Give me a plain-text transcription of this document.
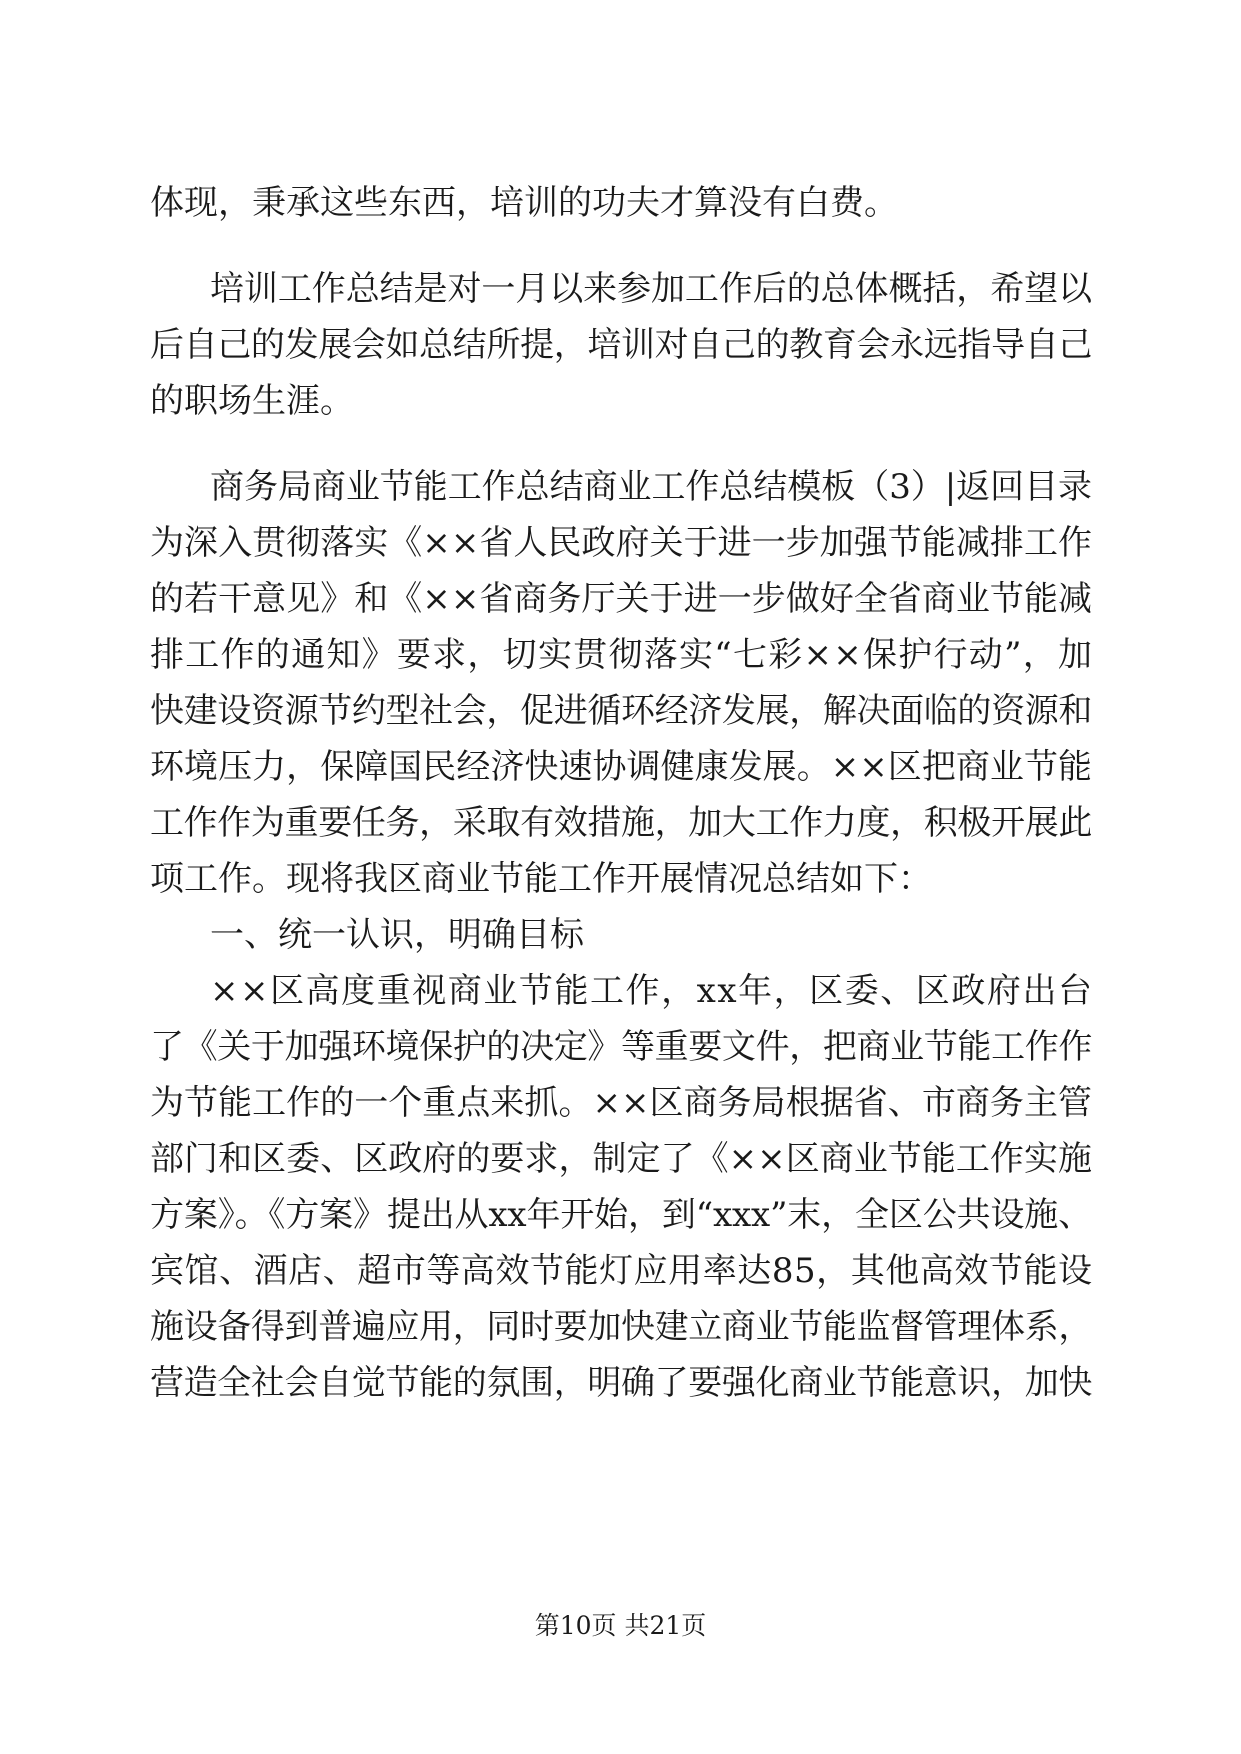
体现，秉承这些东西，培训的功夫才算没有白费。
培训工作总结是对一月以来参加工作后的总体概括，希望以
后自己的发展会如总结所提，培训对自己的教育会永远指导自己
的职场生涯。
商务局商业节能工作总结商业工作总结模板（3）|返回目录
为深入贯彻落实《××省人民政府关于进一步加强节能减排工作
的若干意见》和《××省商务厅关于进一步做好全省商业节能减
排工作的通知》要求，切实贯彻落实“七彩××保护行动”，加
快建设资源节约型社会，促进循环经济发展，解决面临的资源和
环境压力，保障国民经济快速协调健康发展。××区把商业节能
工作作为重要任务，采取有效措施，加大工作力度，积极开展此
项工作。现将我区商业节能工作开展情况总结如下：
一、统一认识，明确目标
××区高度重视商业节能工作，xx年，区委、区政府出台
了《关于加强环境保护的决定》等重要文件，把商业节能工作作
为节能工作的一个重点来抓。××区商务局根据省、市商务主管
部门和区委、区政府的要求，制定了《××区商业节能工作实施
方案》。《方案》提出从xx年开始，到“xxx”末，全区公共设施、
宾馆、酒店、超市等高效节能灯应用率达85，其他高效节能设
施设备得到普遍应用，同时要加快建立商业节能监督管理体系，
营造全社会自觉节能的氛围，明确了要强化商业节能意识，加快
第10页 共21页
